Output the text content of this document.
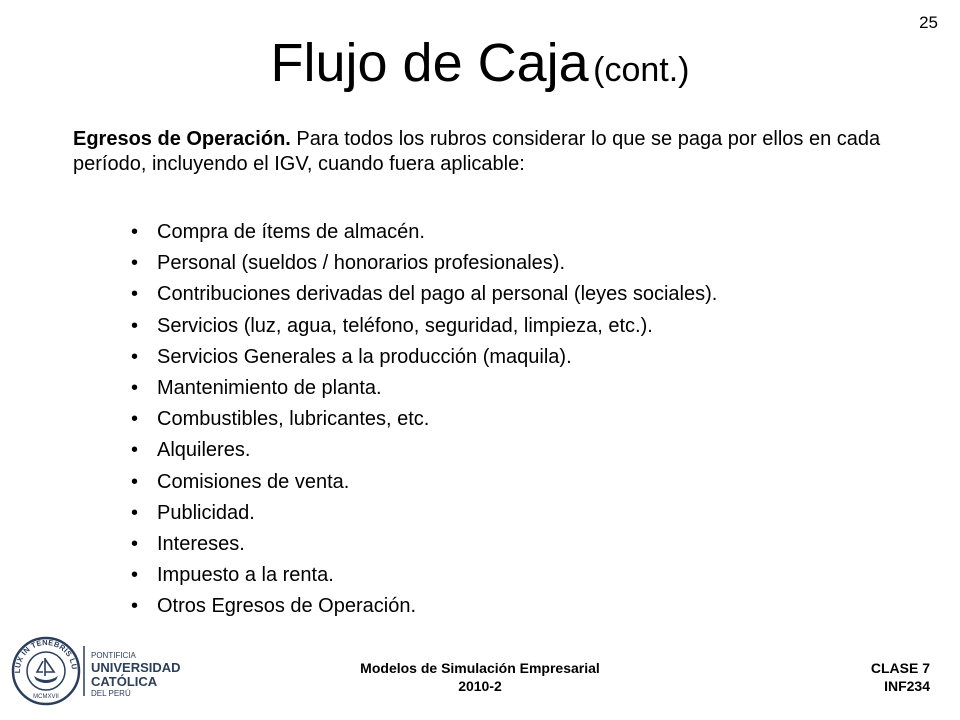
25
Flujo de Caja (cont.)
Egresos de Operación. Para todos los rubros considerar lo que se paga por ellos en cada período, incluyendo el IGV, cuando fuera aplicable:
• Compra de ítems de almacén.
• Personal (sueldos / honorarios profesionales).
• Contribuciones derivadas del pago al personal (leyes sociales).
• Servicios (luz, agua, teléfono, seguridad, limpieza, etc.).
• Servicios Generales a la producción (maquila).
• Mantenimiento de planta.
• Combustibles, lubricantes, etc.
• Alquileres.
• Comisiones de venta.
• Publicidad.
• Intereses.
• Impuesto a la renta.
• Otros Egresos de Operación.
LUX IN TENEBRIS LU
MCMXVII
PONTIFICIA
UNIVERSIDAD
CATÓLICA
DEL PERÚ
Modelos de Simulación Empresarial
2010-2
CLASE 7
INF234
